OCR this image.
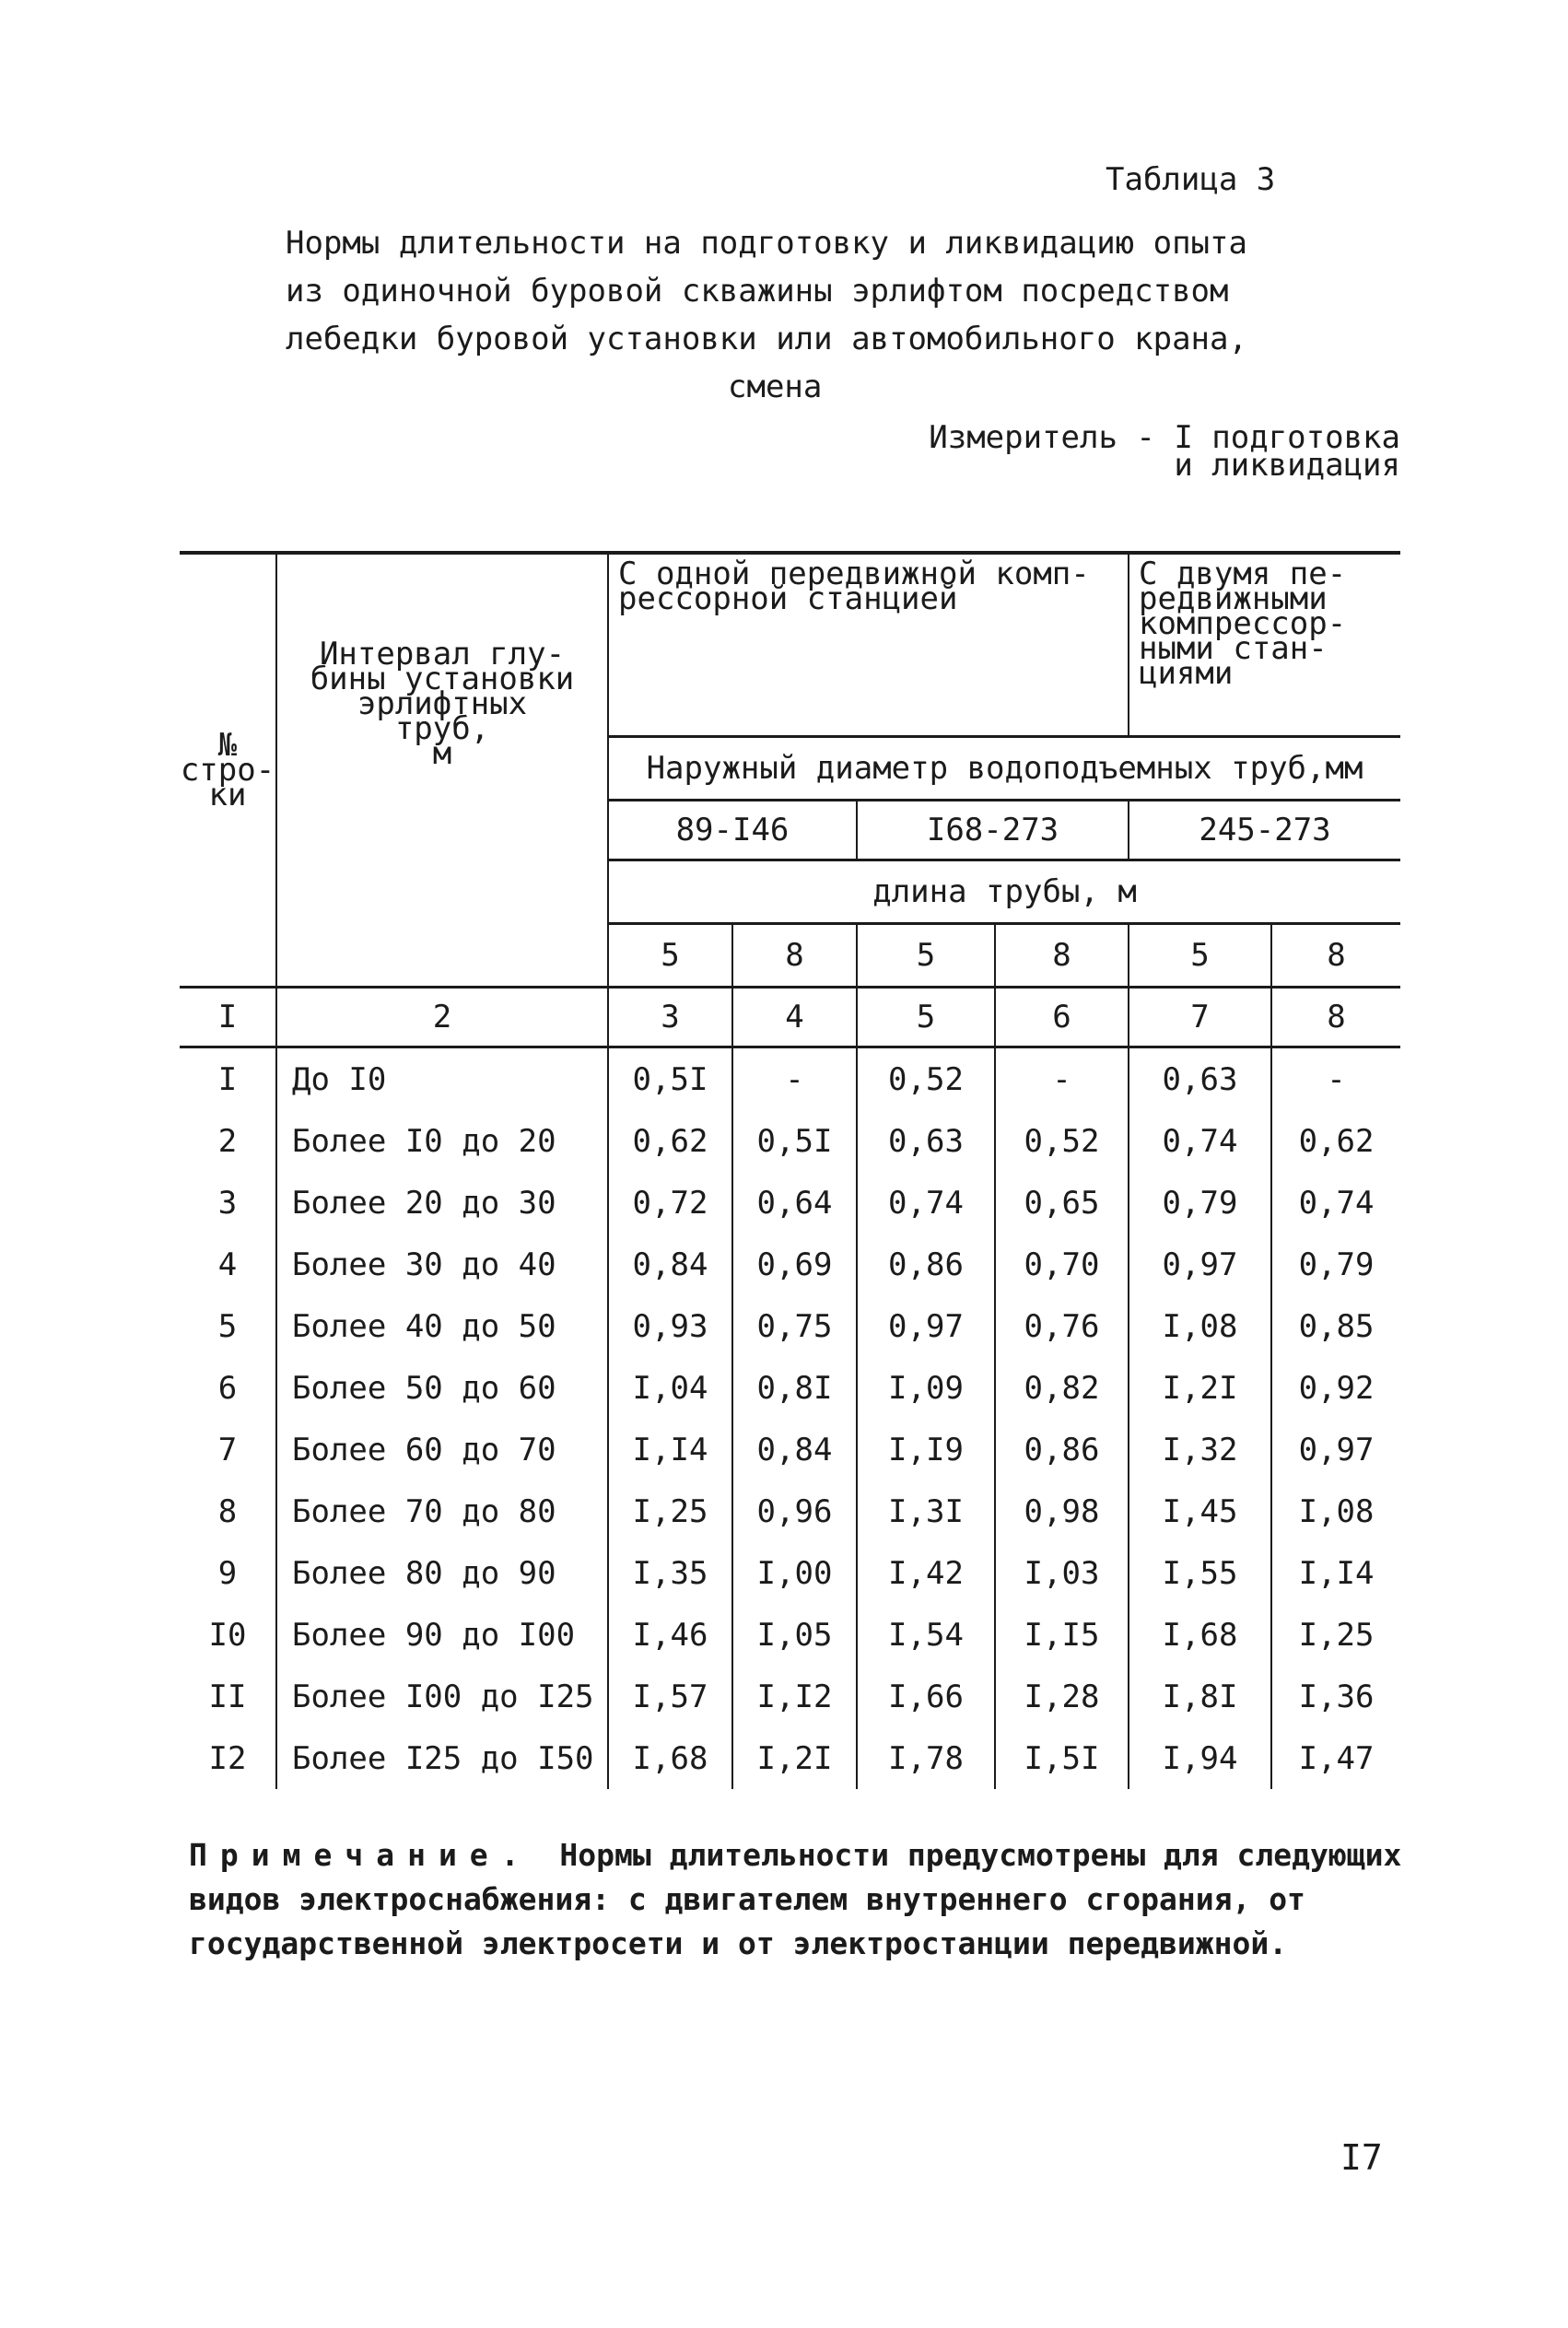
Таблица 3
Нормы длительности на подготовку и ликвидацию опыта
из одиночной буровой скважины эрлифтом посредством
лебедки буровой установки или автомобильного крана,
смена
Измеритель - I подготовка
и ликвидация
№
стро-
ки	Интервал глу-
бины установки
эрлифтных
труб,
м	С одной передвижной комп-
рессорной станцией				С двумя пе-
редвижными
компрессор-
ными стан-
циями	
		Наружный диаметр водоподъемных труб,мм					
		89-I46		I68-273		245-273	
		длина трубы, м					
		5	8	5	8	5	8
I	2	3	4	5	6	7	8
I	До I0	0,5I	-	0,52	-	0,63	-
2	Более I0 до 20	0,62	0,5I	0,63	0,52	0,74	0,62
3	Более 20 до 30	0,72	0,64	0,74	0,65	0,79	0,74
4	Более 30 до 40	0,84	0,69	0,86	0,70	0,97	0,79
5	Более 40 до 50	0,93	0,75	0,97	0,76	I,08	0,85
6	Более 50 до 60	I,04	0,8I	I,09	0,82	I,2I	0,92
7	Более 60 до 70	I,I4	0,84	I,I9	0,86	I,32	0,97
8	Более 70 до 80	I,25	0,96	I,3I	0,98	I,45	I,08
9	Более 80 до 90	I,35	I,00	I,42	I,03	I,55	I,I4
I0	Более 90 до I00	I,46	I,05	I,54	I,I5	I,68	I,25
II	Более I00 до I25	I,57	I,I2	I,66	I,28	I,8I	I,36
I2	Более I25 до I50	I,68	I,2I	I,78	I,5I	I,94	I,47
Примечание. Нормы длительности предусмотрены для следующих видов электроснабжения: с двигателем внутреннего сгорания, от государственной электросети и от электростанции передвижной.
I7
